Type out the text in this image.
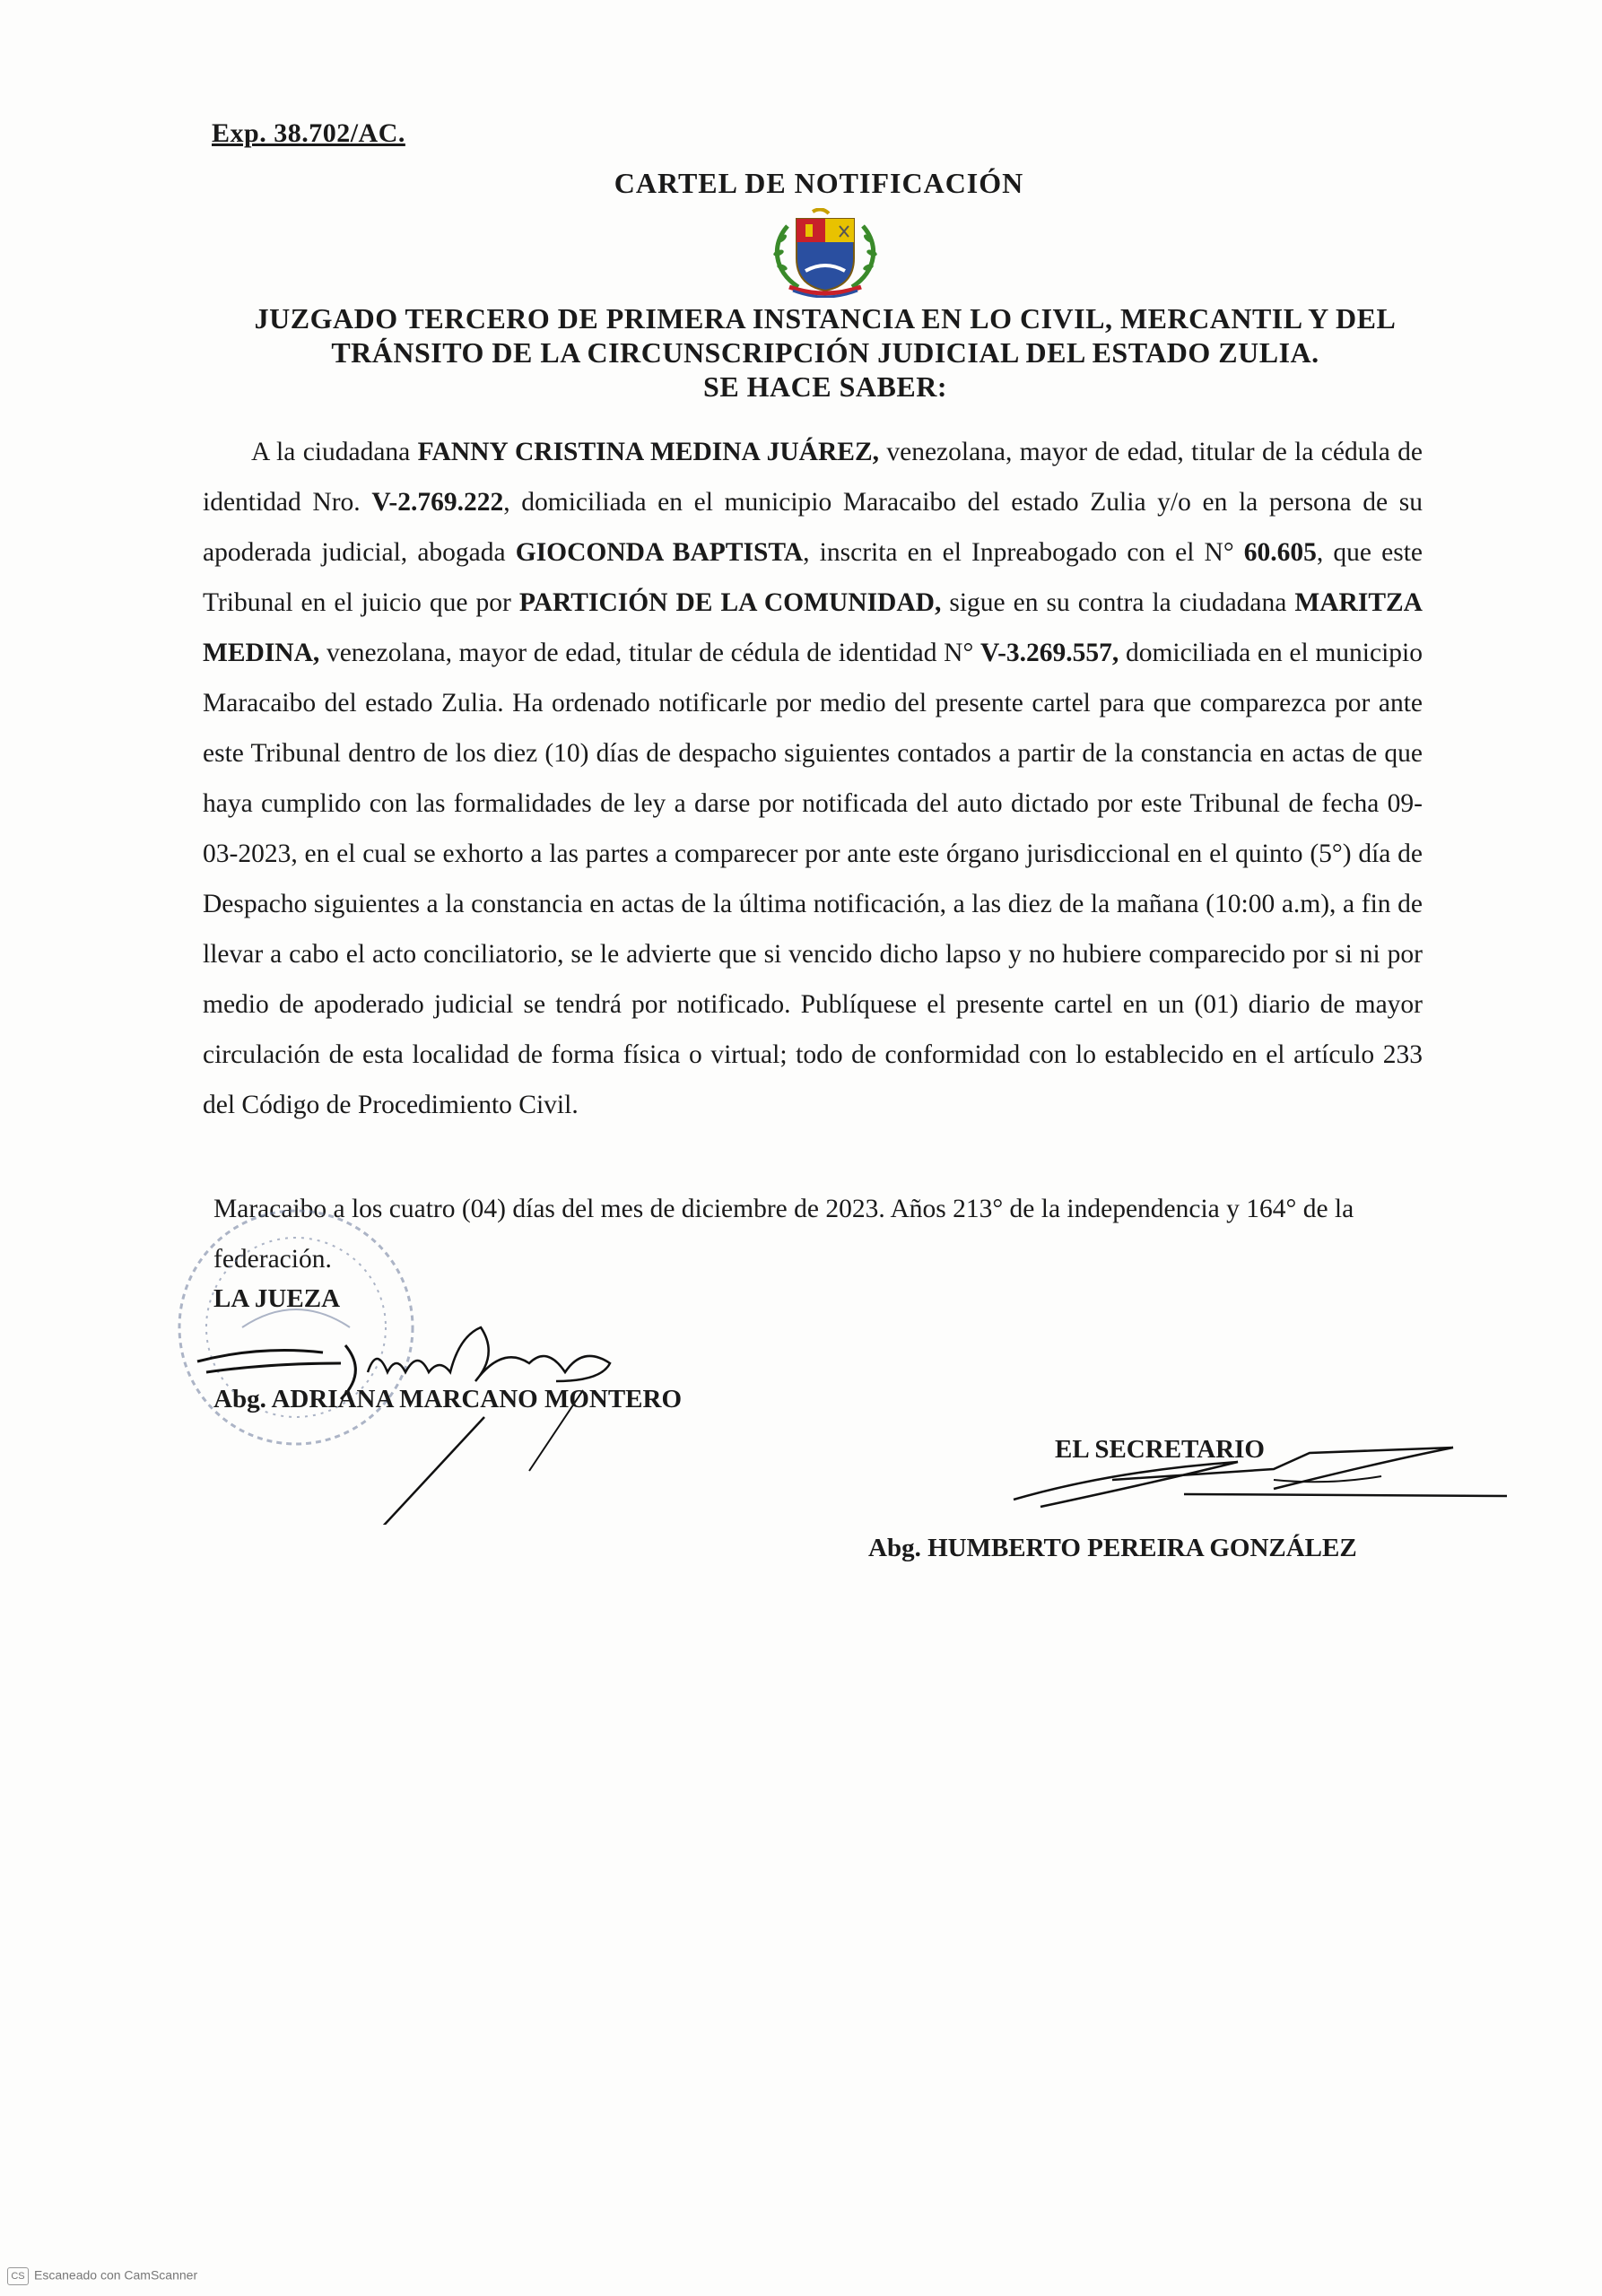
Exp. 38.702/AC.
CARTEL DE NOTIFICACIÓN
JUZGADO TERCERO DE PRIMERA INSTANCIA EN LO CIVIL, MERCANTIL Y DEL
TRÁNSITO DE LA CIRCUNSCRIPCIÓN JUDICIAL DEL ESTADO ZULIA.
SE HACE SABER:

A la ciudadana FANNY CRISTINA MEDINA JUÁREZ, venezolana, mayor de edad, titular de la cédula de identidad Nro. V-2.769.222, domiciliada en el municipio Maracaibo del estado Zulia y/o en la persona de su apoderada judicial, abogada GIOCONDA BAPTISTA, inscrita en el Inpreabogado con el N° 60.605, que este Tribunal en el juicio que por PARTICIÓN DE LA COMUNIDAD, sigue en su contra la ciudadana MARITZA MEDINA, venezolana, mayor de edad, titular de cédula de identidad N° V-3.269.557, domiciliada en el municipio Maracaibo del estado Zulia. Ha ordenado notificarle por medio del presente cartel para que comparezca por ante este Tribunal dentro de los diez (10) días de despacho siguientes contados a partir de la constancia en actas de que haya cumplido con las formalidades de ley a darse por notificada del auto dictado por este Tribunal de fecha 09-03-2023, en el cual se exhorto a las partes a comparecer por ante este órgano jurisdiccional en el quinto (5°) día de Despacho siguientes a la constancia en actas de la última notificación, a las diez de la mañana (10:00 a.m), a fin de llevar a cabo el acto conciliatorio, se le advierte que si vencido dicho lapso y no hubiere comparecido por si ni por medio de apoderado judicial se tendrá por notificado. Publíquese el presente cartel en un (01) diario de mayor circulación de esta localidad de forma física o virtual; todo de conformidad con lo establecido en el artículo 233 del Código de Procedimiento Civil.

Maracaibo a los cuatro (04) días del mes de diciembre de 2023. Años 213° de la independencia y 164° de la federación.

LA JUEZA
Abg. ADRIANA MARCANO MONTERO
EL SECRETARIO
Abg. HUMBERTO PEREIRA GONZÁLEZ
CS Escaneado con CamScanner
